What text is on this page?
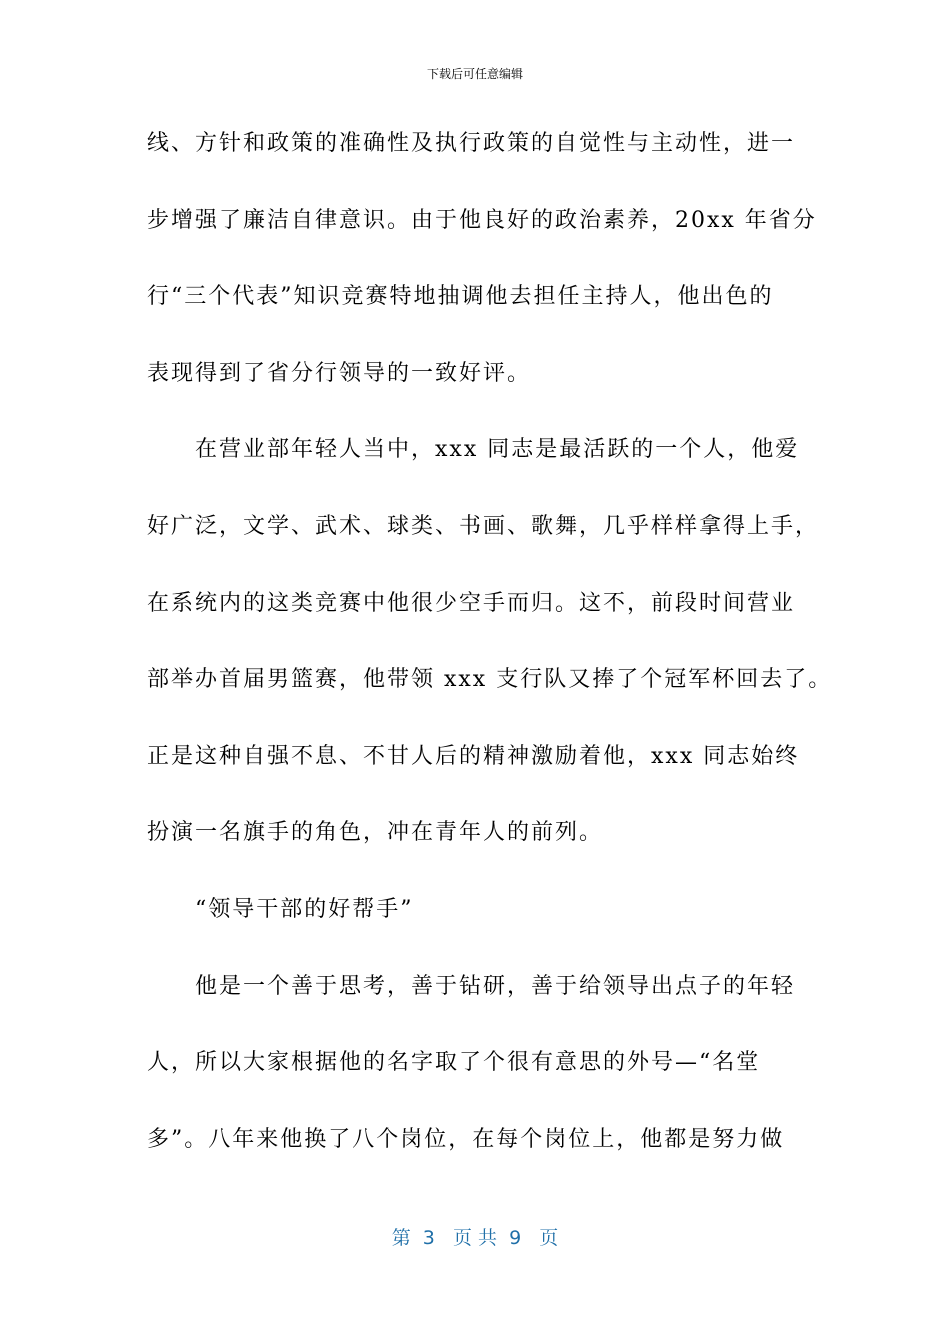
下载后可任意编辑
线、方针和政策的准确性及执行政策的自觉性与主动性，进一
步增强了廉洁自律意识。由于他良好的政治素养，20xx 年省分
行“三个代表”知识竞赛特地抽调他去担任主持人，他出色的
表现得到了省分行领导的一致好评。
在营业部年轻人当中，xxx 同志是最活跃的一个人，他爱
好广泛，文学、武术、球类、书画、歌舞，几乎样样拿得上手，
在系统内的这类竞赛中他很少空手而归。这不，前段时间营业
部举办首届男篮赛，他带领 xxx 支行队又捧了个冠军杯回去了。
正是这种自强不息、不甘人后的精神激励着他，xxx 同志始终
扮演一名旗手的角色，冲在青年人的前列。
“领导干部的好帮手”
他是一个善于思考，善于钻研，善于给领导出点子的年轻
人，所以大家根据他的名字取了个很有意思的外号—“名堂
多”。八年来他换了八个岗位，在每个岗位上，他都是努力做
第  3   页 共  9   页
